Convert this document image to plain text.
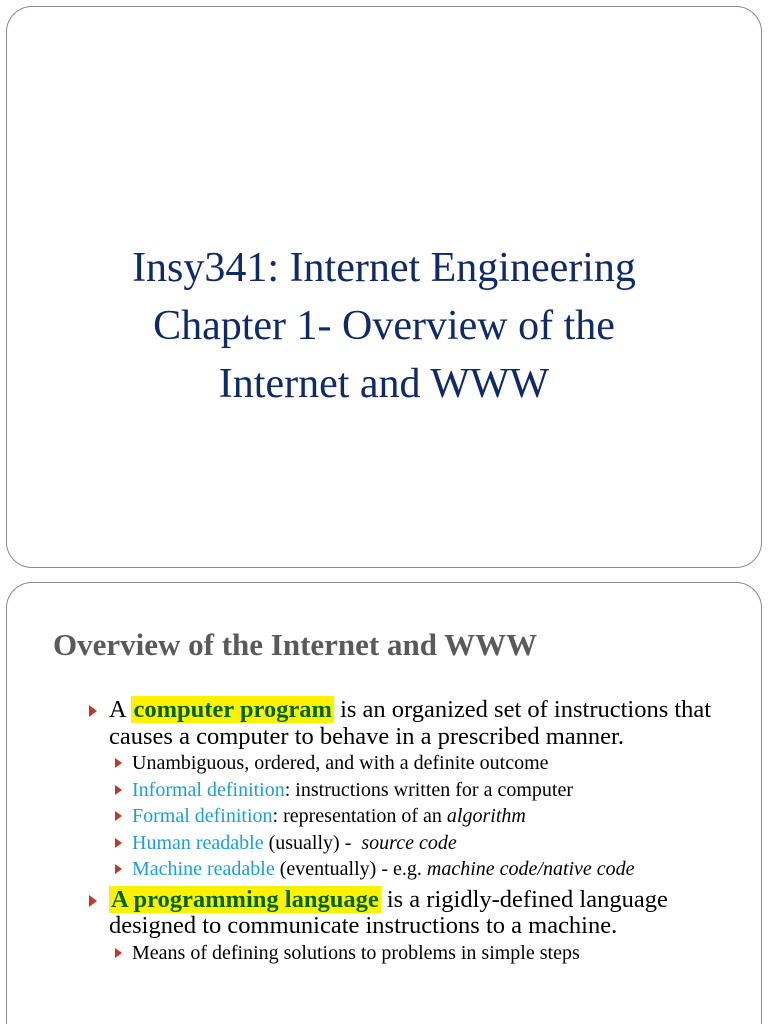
Insy341: Internet Engineering
Chapter 1- Overview of the
Internet and WWW
Overview of the Internet and WWW
A computer program is an organized set of instructions that causes a computer to behave in a prescribed manner.
Unambiguous, ordered, and with a definite outcome
Informal definition: instructions written for a computer
Formal definition: representation of an algorithm
Human readable (usually) - source code
Machine readable (eventually) - e.g. machine code/native code
A programming language is a rigidly-defined language designed to communicate instructions to a machine.
Means of defining solutions to problems in simple steps
